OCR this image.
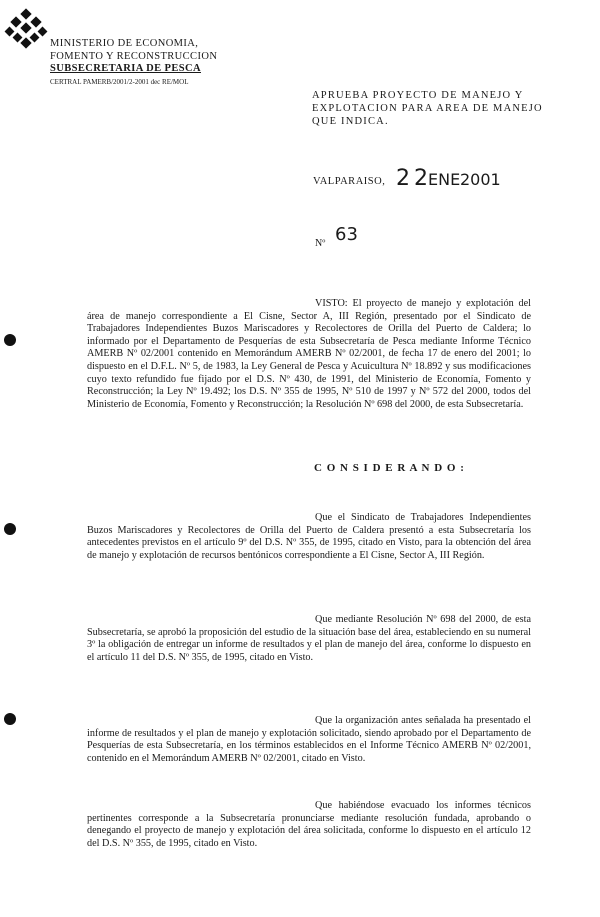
MINISTERIO DE ECONOMIA,
FOMENTO Y RECONSTRUCCION
SUBSECRETARIA DE PESCA
CERTRAL PAMERB/2001/2-2001 dec RE/MOL
APRUEBA PROYECTO DE MANEJO Y
EXPLOTACION PARA AREA DE MANEJO
QUE INDICA.
VALPARAISO, 22
ENE 2001
Nº 63

VISTO: El proyecto de manejo y explotación del área de manejo correspondiente a El Cisne, Sector A, III Región, presentado por el Sindicato de Trabajadores Independientes Buzos Mariscadores y Recolectores de Orilla del Puerto de Caldera; lo informado por el Departamento de Pesquerías de esta Subsecretaría de Pesca mediante Informe Técnico AMERB Nº 02/2001 contenido en Memorándum AMERB Nº 02/2001, de fecha 17 de enero del 2001; lo dispuesto en el D.F.L. Nº 5, de 1983, la Ley General de Pesca y Acuicultura Nº 18.892 y sus modificaciones cuyo texto refundido fue fijado por el D.S. Nº 430, de 1991, del Ministerio de Economía, Fomento y Reconstrucción; la Ley Nº 19.492; los D.S. Nº 355 de 1995, Nº 510 de 1997 y Nº 572 del 2000, todos del Ministerio de Economía, Fomento y Reconstrucción; la Resolución Nº 698 del 2000, de esta Subsecretaría.

C O N S I D E R A N D O :

Que el Sindicato de Trabajadores Independientes Buzos Mariscadores y Recolectores de Orilla del Puerto de Caldera presentó a esta Subsecretaría los antecedentes previstos en el artículo 9º del D.S. Nº 355, de 1995, citado en Visto, para la obtención del área de manejo y explotación de recursos bentónicos correspondiente a El Cisne, Sector A, III Región.

Que mediante Resolución Nº 698 del 2000, de esta Subsecretaría, se aprobó la proposición del estudio de la situación base del área, estableciendo en su numeral 3º la obligación de entregar un informe de resultados y el plan de manejo del área, conforme lo dispuesto en el artículo 11 del D.S. Nº 355, de 1995, citado en Visto.

Que la organización antes señalada ha presentado el informe de resultados y el plan de manejo y explotación solicitado, siendo aprobado por el Departamento de Pesquerías de esta Subsecretaría, en los términos establecidos en el Informe Técnico AMERB Nº 02/2001, contenido en el Memorándum AMERB Nº 02/2001, citado en Visto.

Que habiéndose evacuado los informes técnicos pertinentes corresponde a la Subsecretaría pronunciarse mediante resolución fundada, aprobando o denegando el proyecto de manejo y explotación del área solicitada, conforme lo dispuesto en el artículo 12 del D.S. Nº 355, de 1995, citado en Visto.
